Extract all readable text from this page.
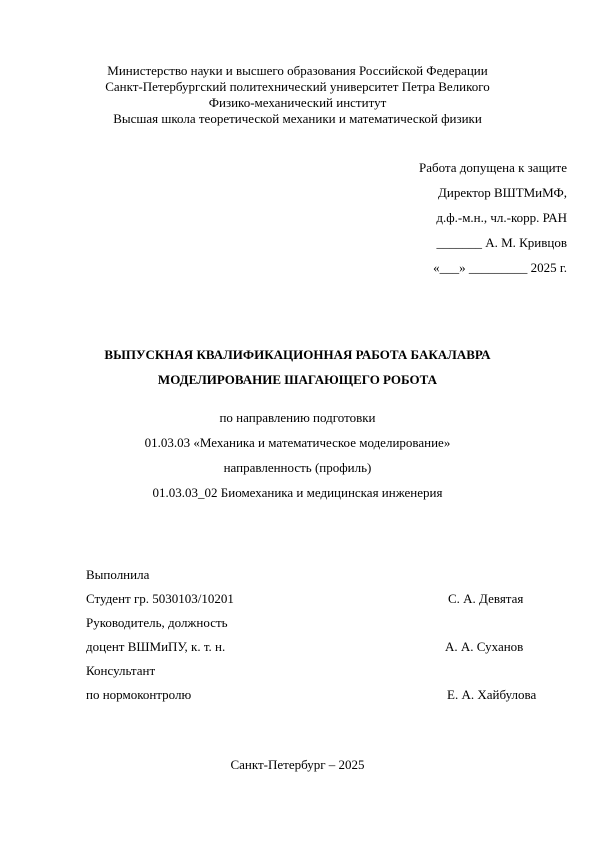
Министерство науки и высшего образования Российской Федерации
Санкт-Петербургский политехнический университет Петра Великого
Физико-механический институт
Высшая школа теоретической механики и математической физики
Работа допущена к защите
Директор ВШТМиМФ,
д.ф.-м.н., чл.-корр. РАН
_______ А. М. Кривцов
«___» _________ 2025 г.
ВЫПУСКНАЯ КВАЛИФИКАЦИОННАЯ РАБОТА БАКАЛАВРА
МОДЕЛИРОВАНИЕ ШАГАЮЩЕГО РОБОТА
по направлению подготовки
01.03.03 «Механика и математическое моделирование»
направленность (профиль)
01.03.03_02 Биомеханика и медицинская инженерия
Выполнила
Студент гр. 5030103/10201	С. А. Девятая
Руководитель, должность
доцент ВШМиПУ, к. т. н.	А. А. Суханов
Консультант
по нормоконтролю	Е. А. Хайбулова
Санкт-Петербург – 2025
